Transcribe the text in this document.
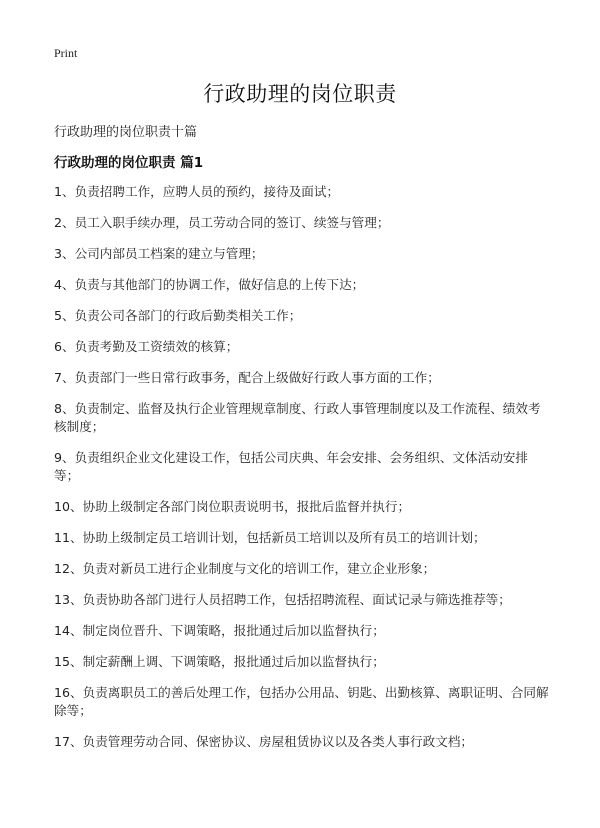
Print
行政助理的岗位职责
行政助理的岗位职责十篇
行政助理的岗位职责 篇1
1、负责招聘工作，应聘人员的预约，接待及面试；
2、员工入职手续办理，员工劳动合同的签订、续签与管理；
3、公司内部员工档案的建立与管理；
4、负责与其他部门的协调工作，做好信息的上传下达；
5、负责公司各部门的行政后勤类相关工作；
6、负责考勤及工资绩效的核算；
7、负责部门一些日常行政事务，配合上级做好行政人事方面的工作；
8、负责制定、监督及执行企业管理规章制度、行政人事管理制度以及工作流程、绩效考核制度；
9、负责组织企业文化建设工作，包括公司庆典、年会安排、会务组织、文体活动安排等；
10、协助上级制定各部门岗位职责说明书，报批后监督并执行；
11、协助上级制定员工培训计划，包括新员工培训以及所有员工的培训计划；
12、负责对新员工进行企业制度与文化的培训工作，建立企业形象；
13、负责协助各部门进行人员招聘工作，包括招聘流程、面试记录与筛选推荐等；
14、制定岗位晋升、下调策略，报批通过后加以监督执行；
15、制定薪酬上调、下调策略，报批通过后加以监督执行；
16、负责离职员工的善后处理工作，包括办公用品、钥匙、出勤核算、离职证明、合同解除等；
17、负责管理劳动合同、保密协议、房屋租赁协议以及各类人事行政文档；
